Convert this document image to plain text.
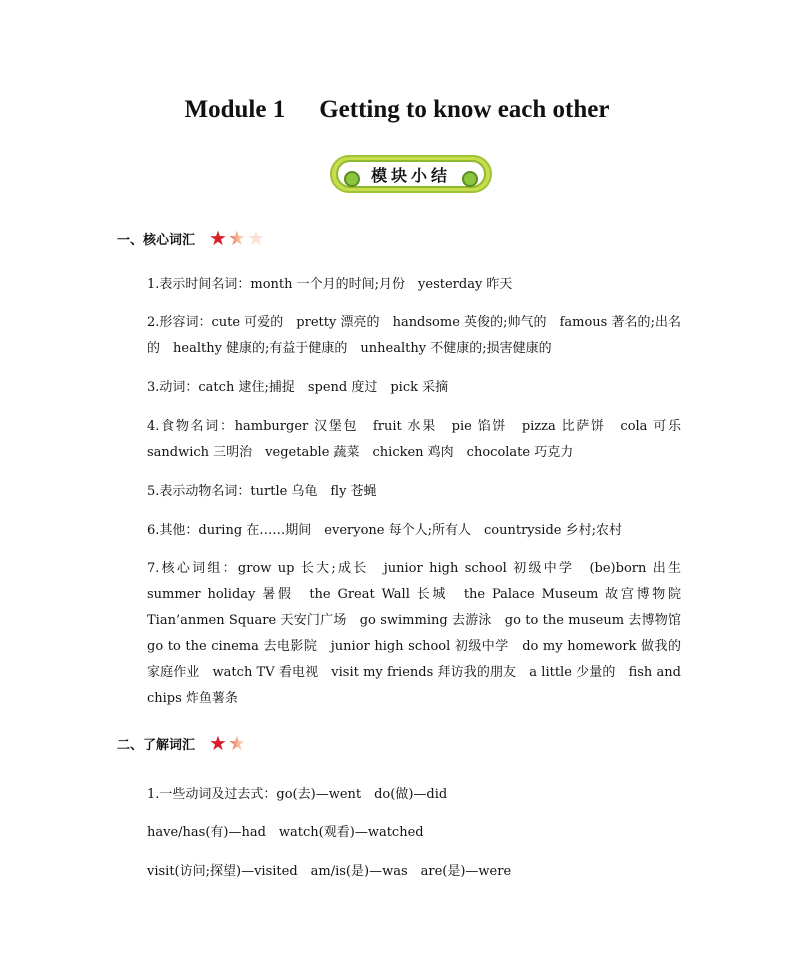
Module 1 Getting to know each other
模块小结
一、核心词汇 ★ ★ ★
1.表示时间名词：month 一个月的时间;月份　yesterday 昨天
2.形容词：cute 可爱的　pretty 漂亮的　handsome 英俊的;帅气的　famous 著名的;出名的　healthy 健康的;有益于健康的　unhealthy 不健康的;损害健康的
3.动词：catch 逮住;捕捉　spend 度过　pick 采摘
4.食物名词：hamburger 汉堡包　fruit 水果　pie 馅饼　pizza 比萨饼　cola 可乐　sandwich 三明治　vegetable 蔬菜　chicken 鸡肉　chocolate 巧克力
5.表示动物名词：turtle 乌龟　fly 苍蝇
6.其他：during 在……期间　everyone 每个人;所有人　countryside 乡村;农村
7.核心词组：grow up 长大;成长　junior high school 初级中学　(be)born 出生　summer holiday 暑假　the Great Wall 长城　the Palace Museum 故宫博物院　Tian’anmen Square 天安门广场　go swimming 去游泳　go to the museum 去博物馆　go to the cinema 去电影院　junior high school 初级中学　do my homework 做我的家庭作业　watch TV 看电视　visit my friends 拜访我的朋友　a little 少量的　fish and chips 炸鱼薯条
二、了解词汇 ★ ★
1.一些动词及过去式：go(去)—went　do(做)—did
have/has(有)—had　watch(观看)—watched
visit(访问;探望)—visited　am/is(是)—was　are(是)—were
